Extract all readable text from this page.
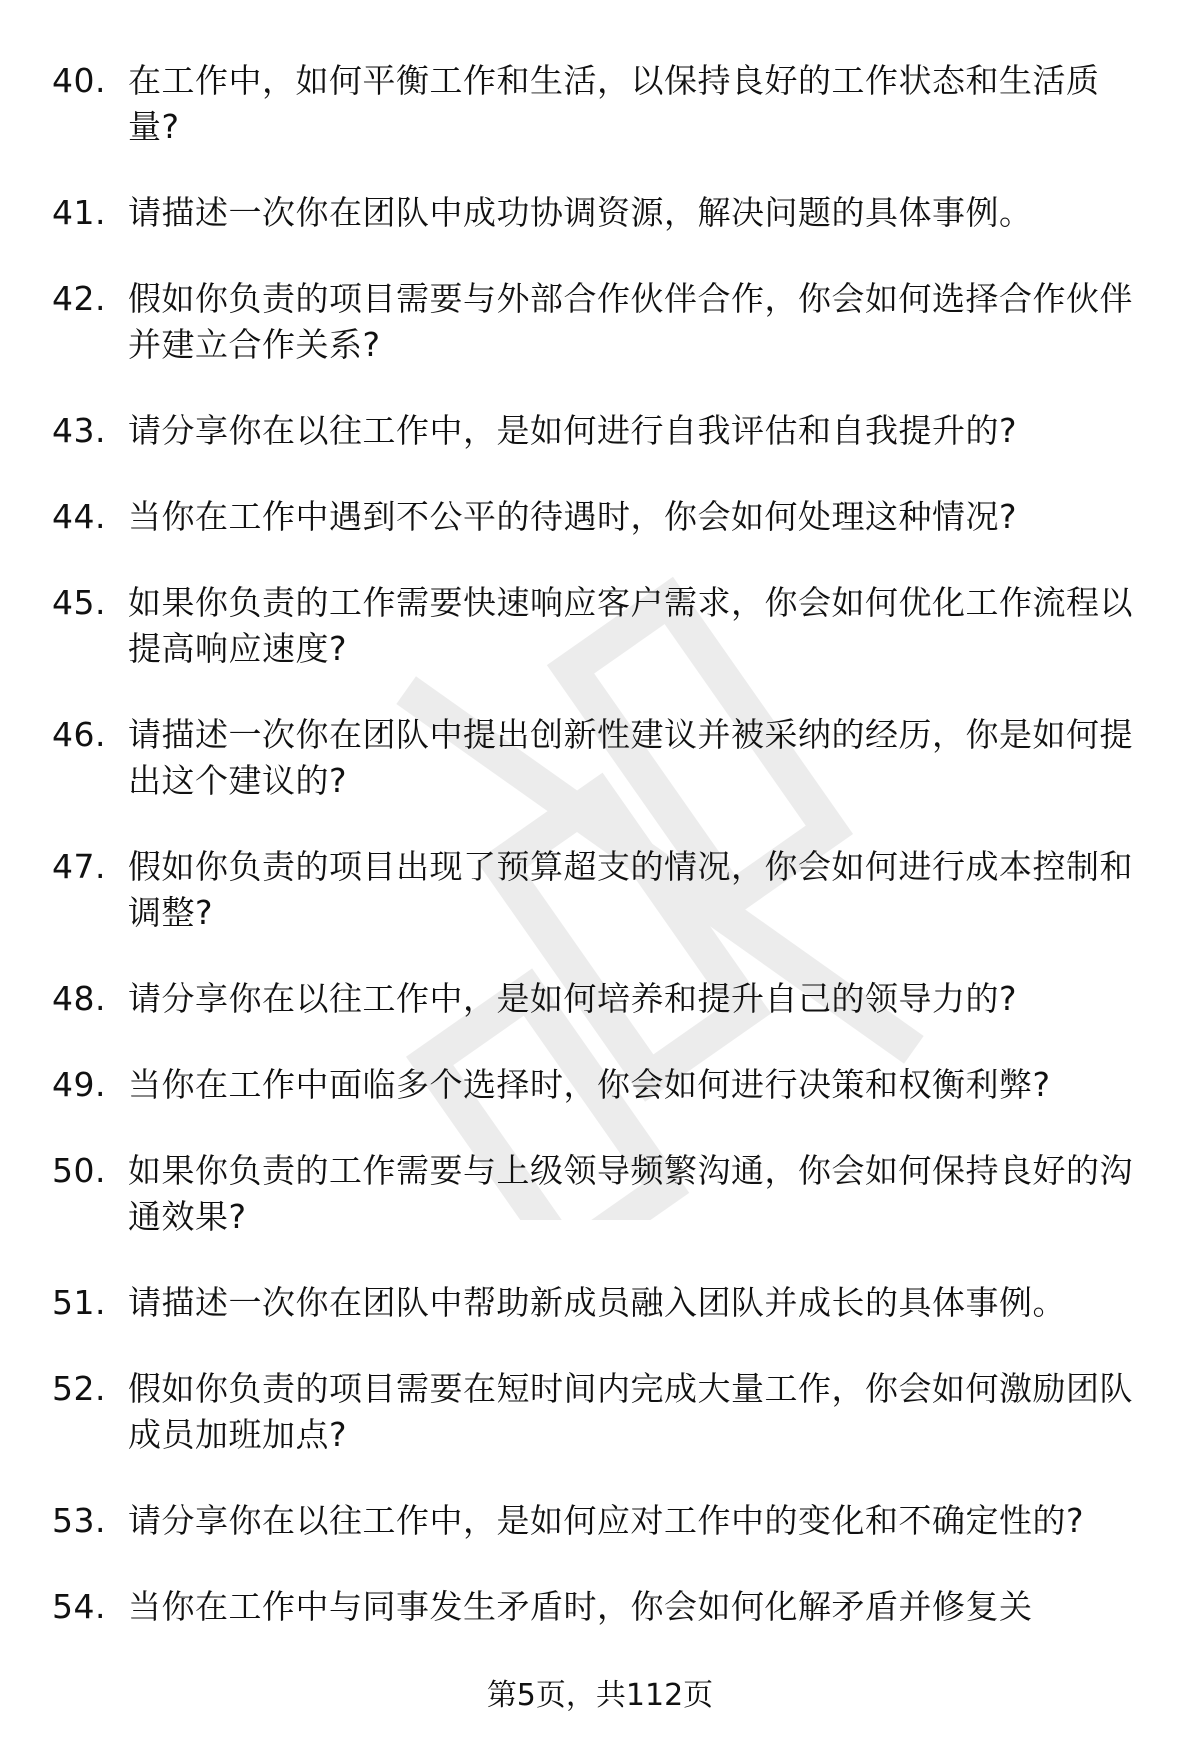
40. 在工作中，如何平衡工作和生活，以保持良好的工作状态和生活质量?
41. 请描述一次你在团队中成功协调资源，解决问题的具体事例。
42. 假如你负责的项目需要与外部合作伙伴合作，你会如何选择合作伙伴并建立合作关系?
43. 请分享你在以往工作中，是如何进行自我评估和自我提升的?
44. 当你在工作中遇到不公平的待遇时，你会如何处理这种情况?
45. 如果你负责的工作需要快速响应客户需求，你会如何优化工作流程以提高响应速度?
46. 请描述一次你在团队中提出创新性建议并被采纳的经历，你是如何提出这个建议的?
47. 假如你负责的项目出现了预算超支的情况，你会如何进行成本控制和调整?
48. 请分享你在以往工作中，是如何培养和提升自己的领导力的?
49. 当你在工作中面临多个选择时，你会如何进行决策和权衡利弊?
50. 如果你负责的工作需要与上级领导频繁沟通，你会如何保持良好的沟通效果?
51. 请描述一次你在团队中帮助新成员融入团队并成长的具体事例。
52. 假如你负责的项目需要在短时间内完成大量工作，你会如何激励团队成员加班加点?
53. 请分享你在以往工作中，是如何应对工作中的变化和不确定性的?
54. 当你在工作中与同事发生矛盾时，你会如何化解矛盾并修复关
第5页，共112页
